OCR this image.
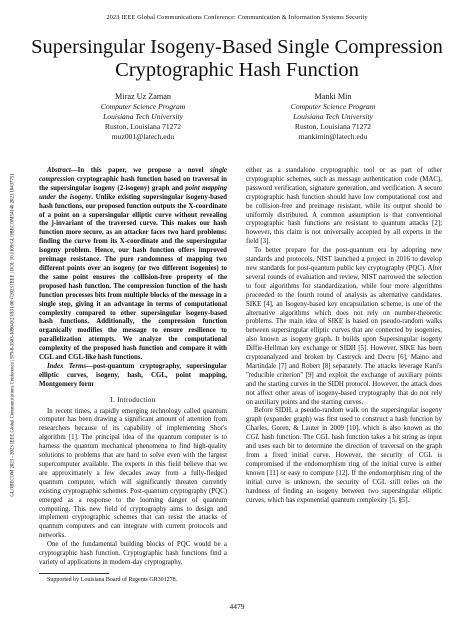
2023 IEEE Global Communications Conference: Communication & Information Systems Security
Supersingular Isogeny-Based Single Compression Cryptographic Hash Function
Miraz Uz Zaman
Computer Science Program
Louisiana Tech University
Ruston, Louisiana 71272
muz001@latech.edu
Manki Min
Computer Science Program
Louisiana Tech University
Ruston, Louisiana 71272
mankimin@latech.edu
GLOBECOM 2023 - 2023 IEEE Global Communications Conference | 979-8-3503-1090-0/23/$31.00 ©2023 IEEE | DOI: 10.1109/GLOBECOM54140.2023.10437751

Abstract—In this paper, we propose a novel single compression cryptographic hash function based on traversal in the supersingular isogeny (2-isogeny) graph and point mapping under the isogeny. Unlike existing supersingular isogeny-based hash functions, our proposed function outputs the X-coordinate of a point on a supersingular elliptic curve without revealing the j-invariant of the traversed curve. This makes our hash function more secure, as an attacker faces two hard problems: finding the curve from its X-coordinate and the supersingular isogeny problem. Hence, our hash function offers improved preimage resistance. The pure randomness of mapping two different points over an isogeny (or two different isogenies) to the same point ensures the collision-free property of the proposed hash function. The compression function of the hash function processes bits from multiple blocks of the message in a single step, giving it an advantage in terms of computational complexity compared to other supersingular isogeny-based hash functions. Additionally, the compression function organically modifies the message to ensure resilience to parallelization attempts. We analyze the computational complexity of the proposed hash function and compare it with CGL and CGL-like hash functions.

Index Terms—post-quantum cryptography, supersingular elliptic curves, isogeny, hash, CGL, point mapping, Montgomery form

I. Introduction

In recent times, a rapidly emerging technology called quantum computer has been drawing a significant amount of attention from researchers because of its capability of implementing Shor's algorithm [1]. The principal idea of the quantum computer is to harness the quantum mechanical phenomena to find high-quality solutions to problems that are hard to solve even with the largest supercomputer available. The experts in this field believe that we are approximately a few decades away from a fully-fledged quantum computer, which will significantly threaten currently existing cryptographic schemes. Post-quantum cryptography (PQC) emerged as a response to the looming danger of quantum computing. This new field of cryptography aims to design and implement cryptographic schemes that can resist the attacks of quantum computers and can integrate with current protocols and networks.

One of the fundamental building blocks of PQC would be a cryptographic hash function. Cryptographic hash functions find a variety of applications in modern-day cryptography,

Supported by Louisiana Board of Regents GR301278.

either as a standalone cryptographic tool or as part of other cryptographic schemes, such as message authentication code (MAC), password verification, signature generation, and verification. A secure cryptographic hash function should have low computational cost and be collision-free and preimage resistant, while its output should be uniformly distributed. A common assumption is that conventional cryptographic hash functions are resistant to quantum attacks [2]; however, this claim is not universally accepted by all experts in the field [3].

To better prepare for the post-quantum era by adopting new standards and protocols, NIST launched a project in 2016 to develop new standards for post-quantum public key cryptography (PQC). After several rounds of evaluation and review, NIST narrowed the selection to four algorithms for standardization, while four more algorithms proceeded to the fourth round of analysis as alternative candidates. SIKE [4], an Isogeny-based key encapsulation scheme, is one of the alternative algorithms which does not rely on number-theoretic problems. The main idea of SIKE is based on pseudo-random walks between supersingular elliptic curves that are connected by isogenies, also known as isogeny graph. It builds upon Supersingular isogeny Diffie-Hellman key exchange or SIDH [5]. However, SIKE has been cryptoanalyzed and broken by Castryck and Decru [6], Maino and Martindale [7] and Robert [8] separately. The attacks leverage Kani's "reducible criterion" [9] and exploit the exchange of auxiliary points and the starting curves in the SIDH protocol. However, the attack does not affect other areas of isogeny-based cryptography that do not rely on auxiliary points and the starting curves.

Before SIDH, a pseudo-random walk on the supersingular isogeny graph (expander graph) was first used to construct a hash function by Charles, Goren, & Lauter in 2009 [10], which is also known as the CGL hash function. The CGL hash function takes a bit string as input and uses each bit to determine the direction of traversal on the graph from a fixed initial curve. However, the security of CGL is compromised if the endomorphism ring of the initial curve is either known [11] or easy to compute [12]. If the endomorphism ring of the initial curve is unknown, the security of CGL still relies on the hardness of finding an isogeny between two supersingular elliptic curves, which has exponential quantum complexity [5, §5].

4479
